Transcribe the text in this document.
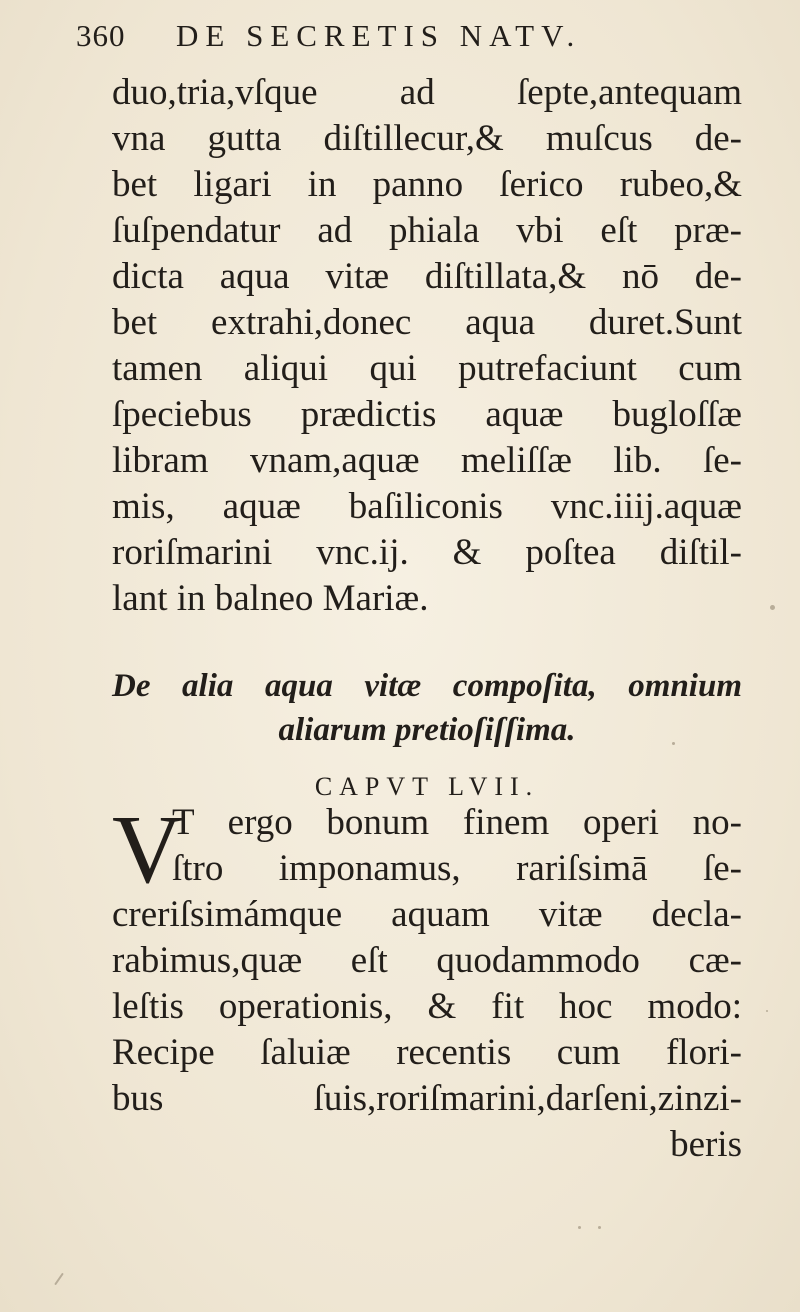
360	DE SECRETIS NATV.
duo,tria,vſque ad ſepte,antequam
vna gutta diſtillecur,& muſcus de-
bet ligari in panno ſerico rubeo,&
ſuſpendatur ad phiala vbi eſt præ-
dicta aqua vitæ diſtillata,& nō de-
bet extrahi,donec aqua duret.Sunt
tamen aliqui qui putrefaciunt cum
ſpeciebus prædictis aquæ bugloſſæ
libram vnam,aquæ meliſſæ lib. ſe-
mis, aquæ baſiliconis vnc.iiij.aquæ
roriſmarini vnc.ij. & poſtea diſtil-
lant in balneo Mariæ.
De alia aqua vitæ compoſita, omnium
aliarum pretioſiſſima.
CAPVT LVII.
V
T ergo bonum finem operi no-
ſtro imponamus, rariſsimā ſe-
creriſsimámque aquam vitæ decla-
rabimus,quæ eſt quodammodo cæ-
leſtis operationis, & fit hoc modo:
Recipe ſaluiæ recentis cum flori-
bus ſuis,roriſmarini,darſeni,zinzi-
beris
